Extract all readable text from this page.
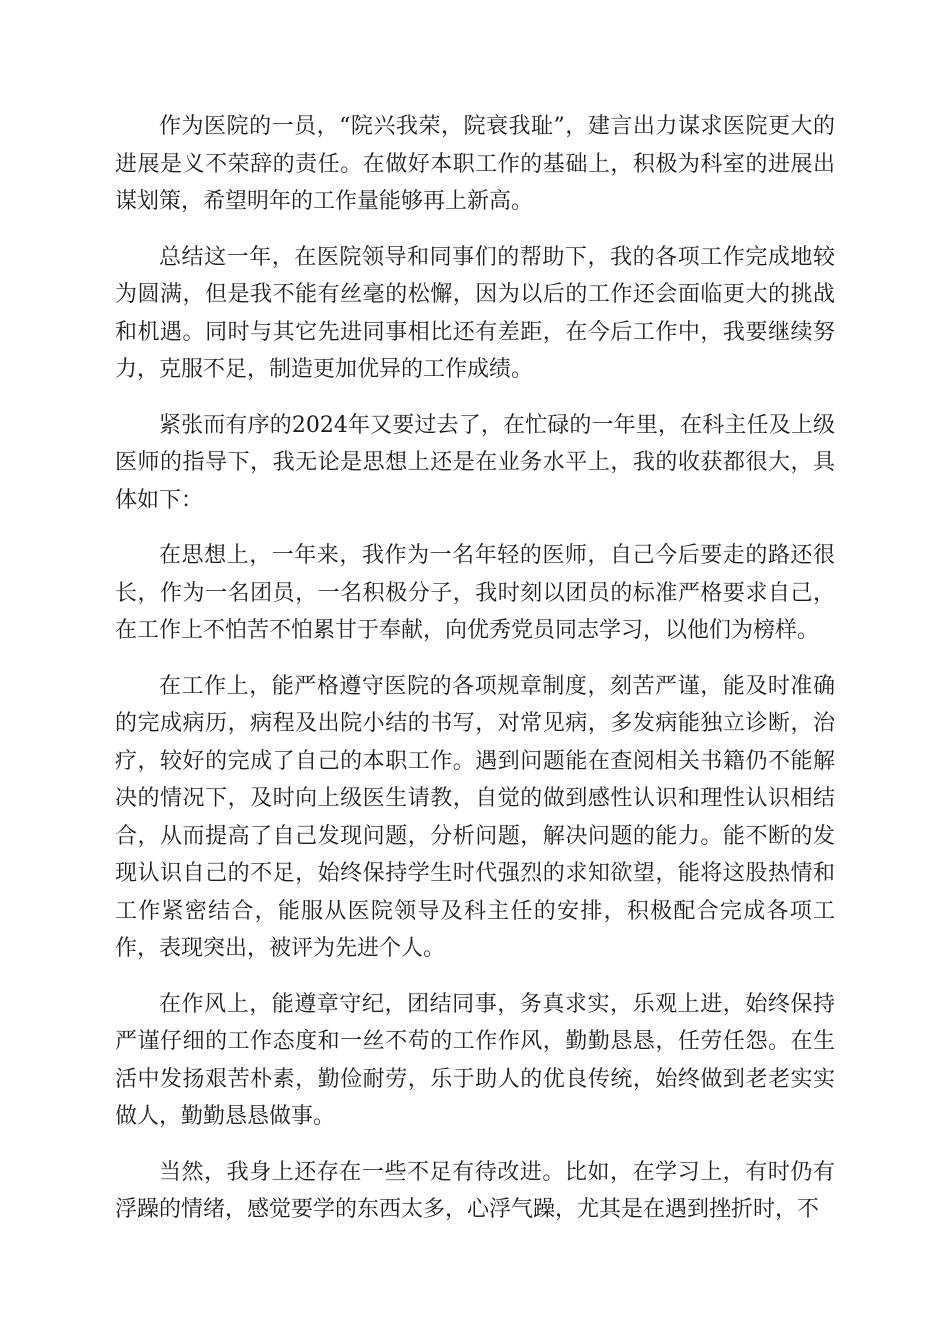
作为医院的一员，“院兴我荣，院衰我耻”，建言出力谋求医院更大的进展是义不荣辞的责任。在做好本职工作的基础上，积极为科室的进展出谋划策，希望明年的工作量能够再上新高。

总结这一年，在医院领导和同事们的帮助下，我的各项工作完成地较为圆满，但是我不能有丝毫的松懈，因为以后的工作还会面临更大的挑战和机遇。同时与其它先进同事相比还有差距，在今后工作中，我要继续努力，克服不足，制造更加优异的工作成绩。

紧张而有序的2024年又要过去了，在忙碌的一年里，在科主任及上级医师的指导下，我无论是思想上还是在业务水平上，我的收获都很大，具体如下：

在思想上，一年来，我作为一名年轻的医师，自己今后要走的路还很长，作为一名团员，一名积极分子，我时刻以团员的标准严格要求自己，在工作上不怕苦不怕累甘于奉献，向优秀党员同志学习，以他们为榜样。

在工作上，能严格遵守医院的各项规章制度，刻苦严谨，能及时准确的完成病历，病程及出院小结的书写，对常见病，多发病能独立诊断，治疗，较好的完成了自己的本职工作。遇到问题能在查阅相关书籍仍不能解决的情况下，及时向上级医生请教，自觉的做到感性认识和理性认识相结合，从而提高了自己发现问题，分析问题，解决问题的能力。能不断的发现认识自己的不足，始终保持学生时代强烈的求知欲望，能将这股热情和工作紧密结合，能服从医院领导及科主任的安排，积极配合完成各项工作，表现突出，被评为先进个人。

在作风上，能遵章守纪，团结同事，务真求实，乐观上进，始终保持严谨仔细的工作态度和一丝不苟的工作作风，勤勤恳恳，任劳任怨。在生活中发扬艰苦朴素，勤俭耐劳，乐于助人的优良传统，始终做到老老实实做人，勤勤恳恳做事。

当然，我身上还存在一些不足有待改进。比如，在学习上，有时仍有浮躁的情绪，感觉要学的东西太多，心浮气躁，尤其是在遇到挫折时，不
